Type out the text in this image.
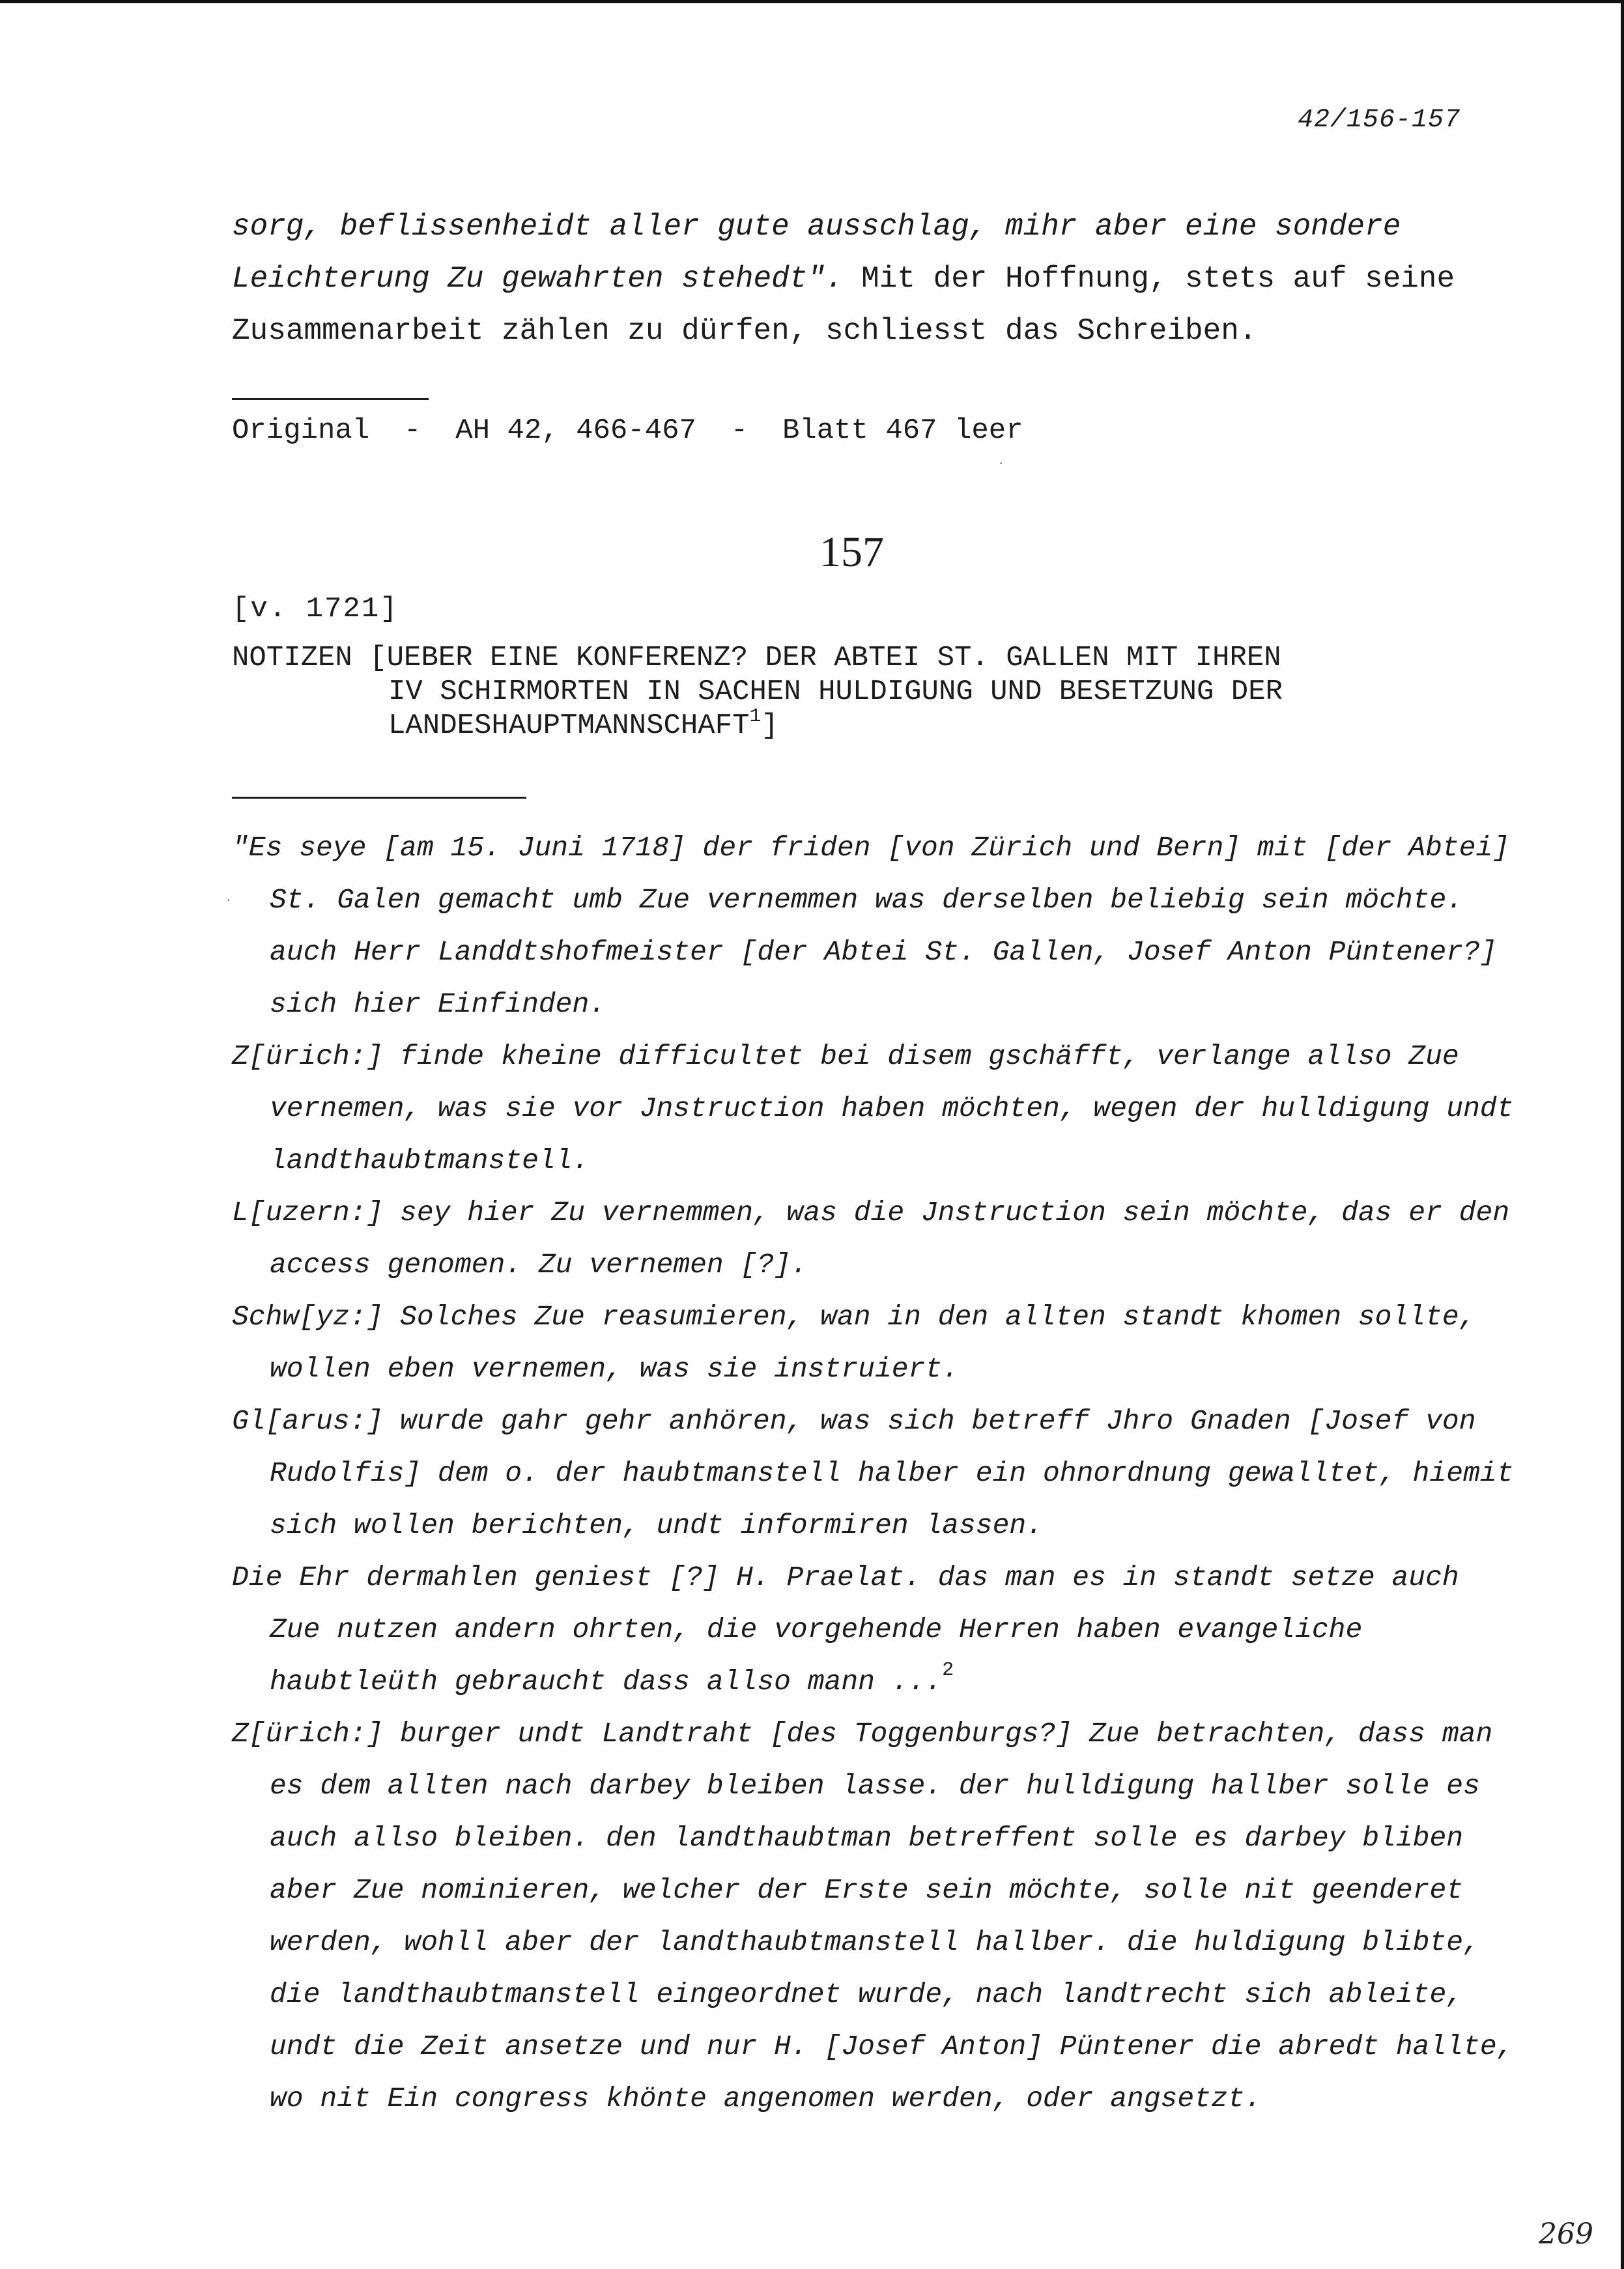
42/156-157
sorg, beflissenheidt aller gute ausschlag, mihr aber eine sondere Leichterung Zu gewahrten stehedt". Mit der Hoffnung, stets auf seine Zusammenarbeit zählen zu dürfen, schliesst das Schreiben.
Original  -  AH 42, 466-467  -  Blatt 467 leer
·
157
[v. 1721]
NOTIZEN [UEBER EINE KONFERENZ? DER ABTEI ST. GALLEN MIT IHREN
IV SCHIRMORTEN IN SACHEN HULDIGUNG UND BESETZUNG DER
LANDESHAUPTMANNSCHAFT$^1$]
.

"Es seye [am 15. Juni 1718] der friden [von Zürich und Bern] mit [der Abtei] St. Galen gemacht umb Zue vernemmen was derselben beliebig sein möchte. auch Herr Landdtshofmeister [der Abtei St. Gallen, Josef Anton Püntener?] sich hier Einfinden.

Z[ürich:] finde kheine difficultet bei disem gschäfft, verlange allso Zue vernemen, was sie vor Jnstruction haben möchten, wegen der hulldigung undt landthaubtmanstell.

L[uzern:] sey hier Zu vernemmen, was die Jnstruction sein möchte, das er den access genomen. Zu vernemen [?].

Schw[yz:] Solches Zue reasumieren, wan in den allten standt khomen sollte, wollen eben vernemen, was sie instruiert.

Gl[arus:] wurde gahr gehr anhören, was sich betreff Jhro Gnaden [Josef von Rudolfis] dem o. der haubtmanstell halber ein ohnordnung gewalltet, hiemit sich wollen berichten, undt informiren lassen.
Die Ehr dermahlen geniest [?] H. Praelat. das man es in standt setze auch Zue nutzen andern ohrten, die vorgehende Herren haben evangeliche haubtleüth gebraucht dass allso mann ...$^2$

Z[ürich:] burger undt Landtraht [des Toggenburgs?] Zue betrachten, dass man es dem allten nach darbey bleiben lasse. der hulldigung hallber solle es auch allso bleiben. den landthaubtman betreffent solle es darbey bliben aber Zue nominieren, welcher der Erste sein möchte, solle nit geenderet werden, wohll aber der landthaubtmanstell hallber. die huldigung blibte, die landthaubtmanstell eingeordnet wurde, nach landtrecht sich ableite, undt die Zeit ansetze und nur H. [Josef Anton] Püntener die abredt hallte, wo nit Ein congress khönte angenomen werden, oder angsetzt.

269
